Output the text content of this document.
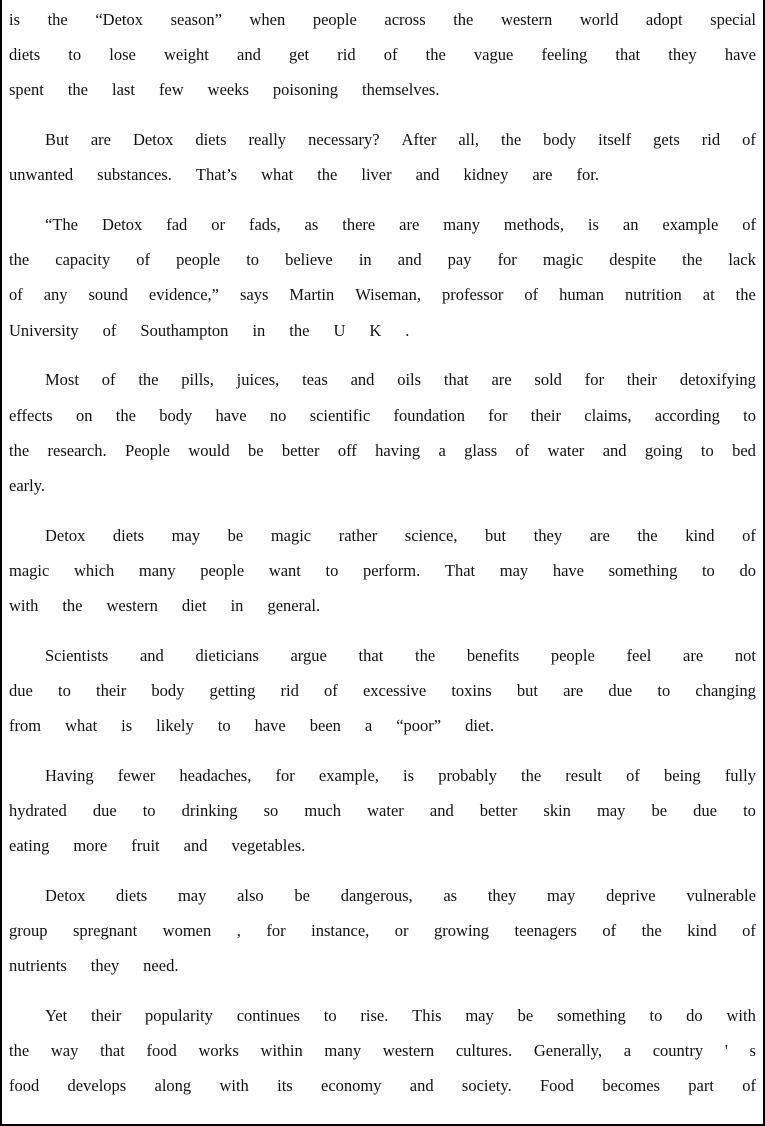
is the “Detox season” when people across the western world adopt special
diets to lose weight and get rid of the vague feeling that they have
spent the last few weeks poisoning themselves.
But are Detox diets really necessary? After all, the body itself gets rid of
unwanted substances. That’s what the liver and kidney are for.
“The Detox fad or fads, as there are many methods, is an example of
the capacity of people to believe in and pay for magic despite the lack
of any sound evidence,” says Martin Wiseman, professor of human nutrition at the
University of Southampton in the U K .
Most of the pills, juices, teas and oils that are sold for their detoxifying
effects on the body have no scientific foundation for their claims, according to
the research. People would be better off having a glass of water and going to bed
early.
Detox diets may be magic rather science, but they are the kind of
magic which many people want to perform. That may have something to do
with the western diet in general.
Scientists and dieticians argue that the benefits people feel are not
due to their body getting rid of excessive toxins but are due to changing
from what is likely to have been a “poor” diet.
Having fewer headaches, for example, is probably the result of being fully
hydrated due to drinking so much water and better skin may be due to
eating more fruit and vegetables.
Detox diets may also be dangerous, as they may deprive vulnerable
group spregnant women , for instance, or growing teenagers of the kind of
nutrients they need.
Yet their popularity continues to rise. This may be something to do with
the way that food works within many western cultures. Generally, a country ' s
food develops along with its economy and society. Food becomes part of
